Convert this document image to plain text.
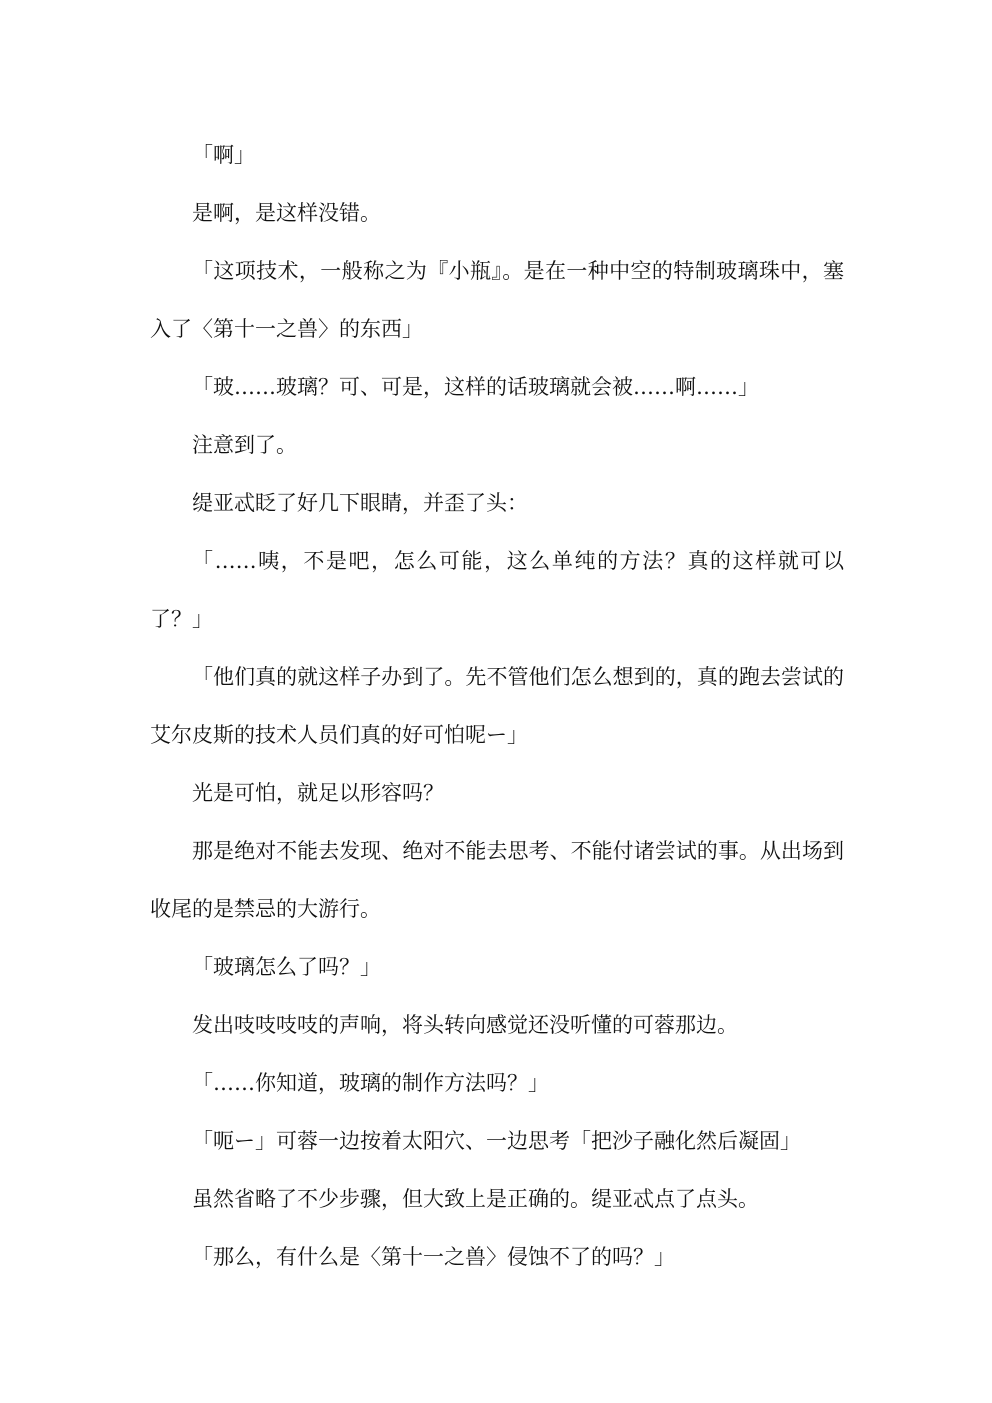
「啊」

是啊，是这样没错。

「这项技术，一般称之为『小瓶』。是在一种中空的特制玻璃珠中，塞入了〈第十一之兽〉的东西」

「玻……玻璃？可、可是，这样的话玻璃就会被……啊……」

注意到了。

缇亚忒眨了好几下眼睛，并歪了头：

「……咦，不是吧，怎么可能，这么单纯的方法？真的这样就可以了？」

「他们真的就这样子办到了。先不管他们怎么想到的，真的跑去尝试的艾尔皮斯的技术人员们真的好可怕呢ー」

光是可怕，就足以形容吗？

那是绝对不能去发现、绝对不能去思考、不能付诸尝试的事。从出场到收尾的是禁忌的大游行。

「玻璃怎么了吗？」

发出吱吱吱吱的声响，将头转向感觉还没听懂的可蓉那边。

「……你知道，玻璃的制作方法吗？」

「呃ー」可蓉一边按着太阳穴、一边思考「把沙子融化然后凝固」

虽然省略了不少步骤，但大致上是正确的。缇亚忒点了点头。

「那么，有什么是〈第十一之兽〉侵蚀不了的吗？」
